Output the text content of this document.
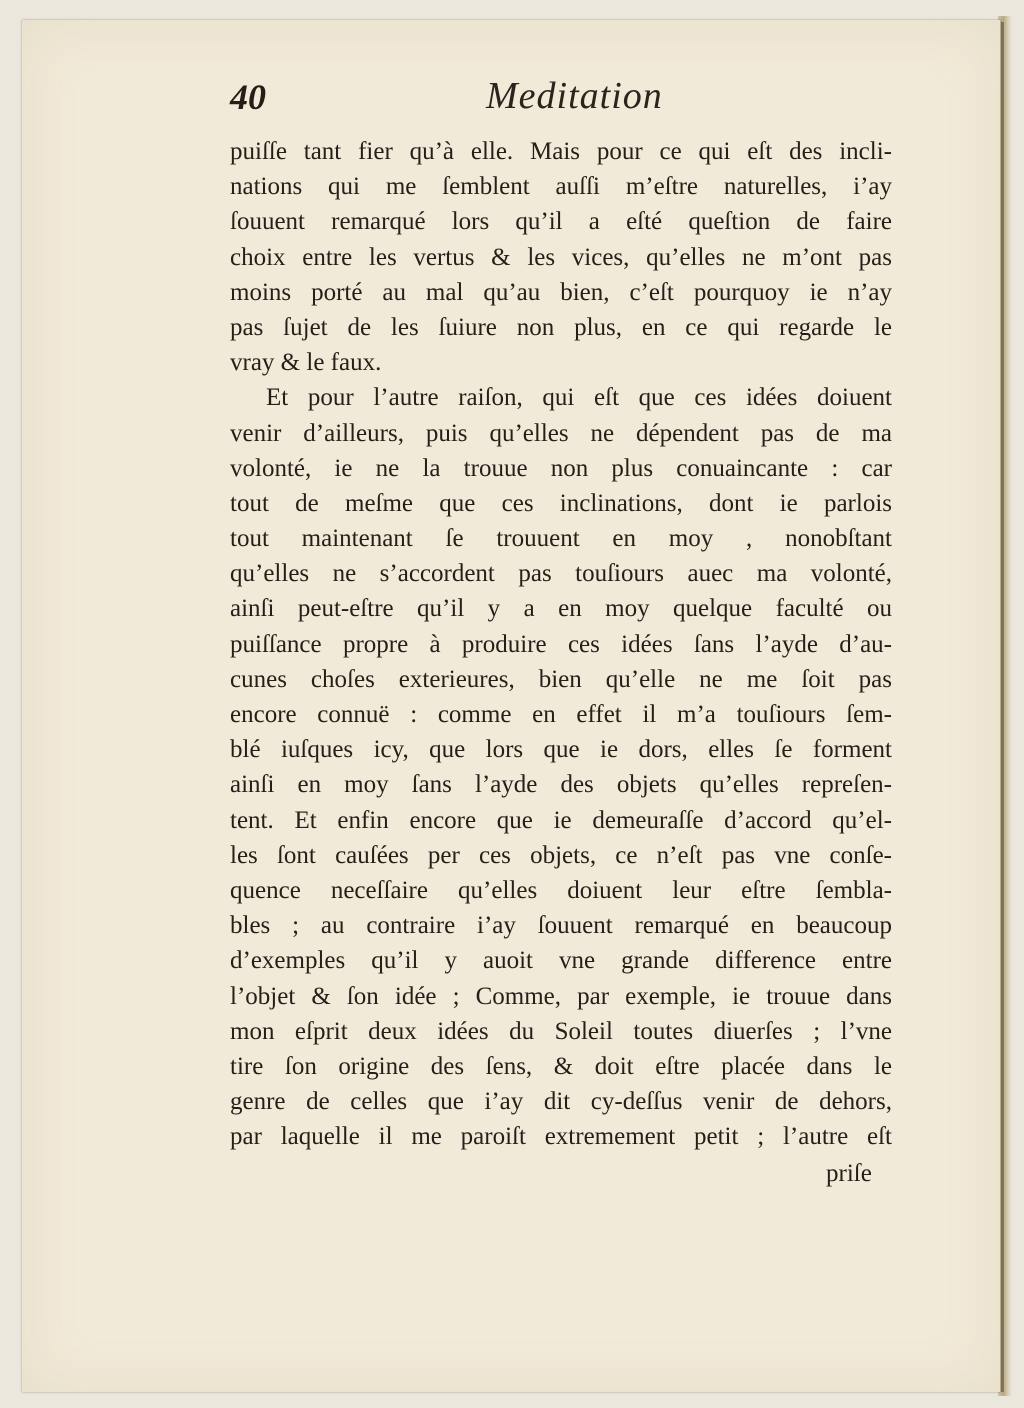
40	Meditation
puiſſe tant fier qu’à elle. Mais pour ce qui eſt des incli-
nations qui me ſemblent auſſi m’eſtre naturelles, i’ay
ſouuent remarqué lors qu’il a eſté queſtion de faire
choix entre les vertus & les vices, qu’elles ne m’ont pas
moins porté au mal qu’au bien, c’eſt pourquoy ie n’ay
pas ſujet de les ſuiure non plus, en ce qui regarde le
vray & le faux.
Et pour l’autre raiſon, qui eſt que ces idées doiuent
venir d’ailleurs, puis qu’elles ne dépendent pas de ma
volonté, ie ne la trouue non plus conuaincante : car
tout de meſme que ces inclinations, dont ie parlois
tout maintenant ſe trouuent en moy , nonobſtant
qu’elles ne s’accordent pas touſiours auec ma volonté,
ainſi peut-eſtre qu’il y a en moy quelque faculté ou
puiſſance propre à produire ces idées ſans l’ayde d’au-
cunes choſes exterieures, bien qu’elle ne me ſoit pas
encore connuë : comme en effet il m’a touſiours ſem-
blé iuſques icy, que lors que ie dors, elles ſe forment
ainſi en moy ſans l’ayde des objets qu’elles repreſen-
tent. Et enfin encore que ie demeuraſſe d’accord qu’el-
les ſont cauſées per ces objets, ce n’eſt pas vne conſe-
quence neceſſaire qu’elles doiuent leur eſtre ſembla-
bles ; au contraire i’ay ſouuent remarqué en beaucoup
d’exemples qu’il y auoit vne grande difference entre
l’objet & ſon idée ; Comme, par exemple, ie trouue dans
mon eſprit deux idées du Soleil toutes diuerſes ; l’vne
tire ſon origine des ſens, & doit eſtre placée dans le
genre de celles que i’ay dit cy-deſſus venir de dehors,
par laquelle il me paroiſt extremement petit ; l’autre eſt
priſe
